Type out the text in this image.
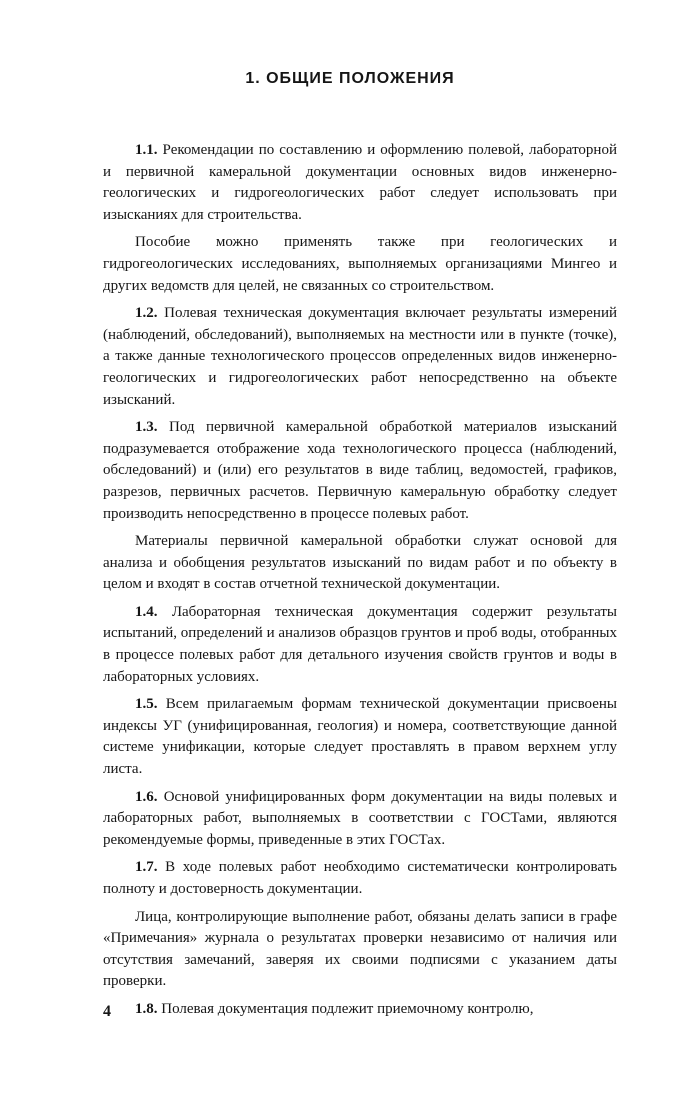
1. ОБЩИЕ ПОЛОЖЕНИЯ

1.1. Рекомендации по составлению и оформлению полевой, лабораторной и первичной камеральной документации основных видов инженерно-геологических и гидрогеологических работ следует использовать при изысканиях для строительства.

Пособие можно применять также при геологических и гидрогеологических исследованиях, выполняемых организациями Мингео и других ведомств для целей, не связанных со строительством.

1.2. Полевая техническая документация включает результаты измерений (наблюдений, обследований), выполняемых на местности или в пункте (точке), а также данные технологического процессов определенных видов инженерно-геологических и гидрогеологических работ непосредственно на объекте изысканий.

1.3. Под первичной камеральной обработкой материалов изысканий подразумевается отображение хода технологического процесса (наблюдений, обследований) и (или) его результатов в виде таблиц, ведомостей, графиков, разрезов, первичных расчетов. Первичную камеральную обработку следует производить непосредственно в процессе полевых работ.

Материалы первичной камеральной обработки служат основой для анализа и обобщения результатов изысканий по видам работ и по объекту в целом и входят в состав отчетной технической документации.

1.4. Лабораторная техническая документация содержит результаты испытаний, определений и анализов образцов грунтов и проб воды, отобранных в процессе полевых работ для детального изучения свойств грунтов и воды в лабораторных условиях.

1.5. Всем прилагаемым формам технической документации присвоены индексы УГ (унифицированная, геология) и номера, соответствующие данной системе унификации, которые следует проставлять в правом верхнем углу листа.

1.6. Основой унифицированных форм документации на виды полевых и лабораторных работ, выполняемых в соответствии с ГОСТами, являются рекомендуемые формы, приведенные в этих ГОСТах.

1.7. В ходе полевых работ необходимо систематически контролировать полноту и достоверность документации.

Лица, контролирующие выполнение работ, обязаны делать записи в графе «Примечания» журнала о результатах проверки независимо от наличия или отсутствия замечаний, заверяя их своими подписями с указанием даты проверки.

1.8. Полевая документация подлежит приемочному контролю,

4
